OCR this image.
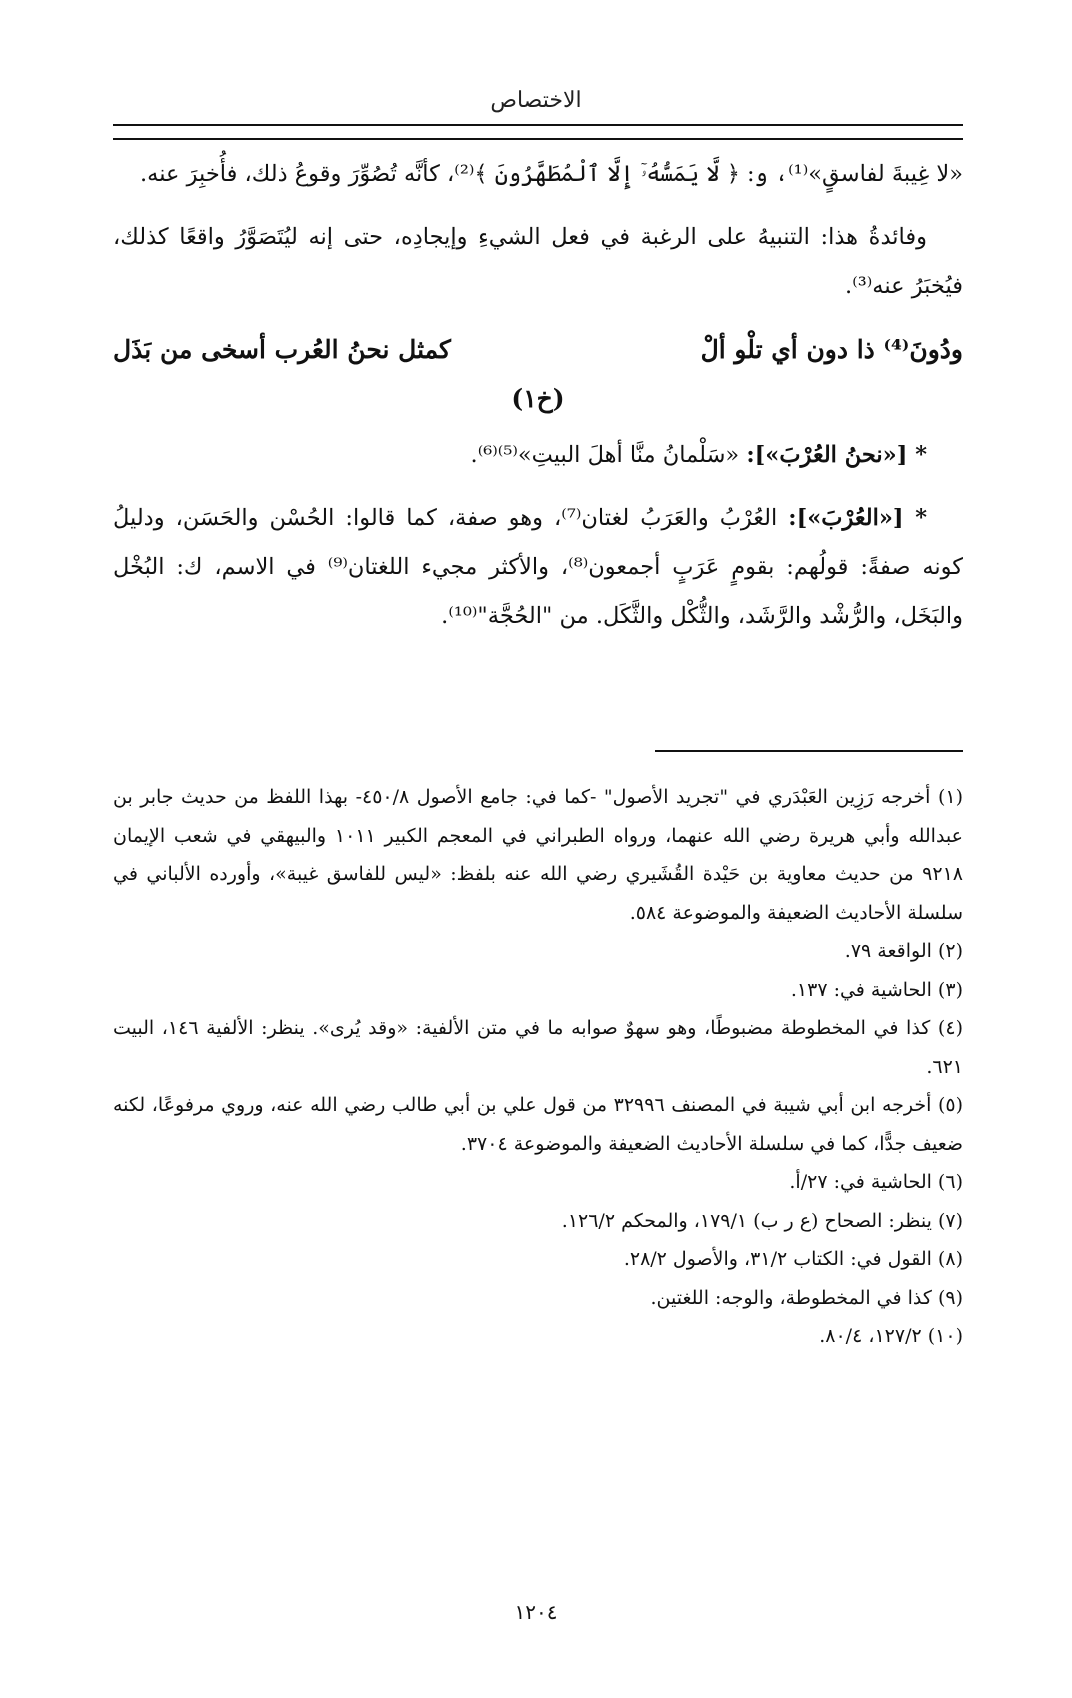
الاختصاص

«لا غِيبةَ لفاسقٍ»⁽¹⁾، و: ﴿ لَّا يَمَسُّهُۥٓ إِلَّا ٱلْمُطَهَّرُونَ ﴾⁽²⁾، كأنَّه تُصُوِّرَ وقوعُ ذلك، فأُخبِرَ عنه.

وفائدةُ هذا: التنبيهُ على الرغبة في فعل الشيءِ وإيجادِه، حتى إنه ليُتَصَوَّرُ واقعًا كذلك، فيُخبَرُ عنه⁽³⁾.

ودُونَ⁽⁴⁾ ذا دون أي تلْو ألْ
كمثل نحنُ العُرب أسخى من بَذَل

(خ١)

* [«نحنُ العُرْبَ»]: «سَلْمانُ منَّا أهلَ البيتِ»⁽⁵⁾⁽⁶⁾.

* [«العُرْبَ»]: العُرْبُ والعَرَبُ لغتان⁽⁷⁾، وهو صفة، كما قالوا: الحُسْن والحَسَن، ودليلُ كونه صفةً: قولُهم: بقومٍ عَرَبٍ أجمعون⁽⁸⁾، والأكثر مجيء اللغتان⁽⁹⁾ في الاسم، ك: البُخْل والبَخَل، والرُّشْد والرَّشَد، والثُّكْل والثَّكَل. من "الحُجَّة"⁽¹⁰⁾.

(١) أخرجه رَزِين العَبْدَري في "تجريد الأصول" -كما في: جامع الأصول ٤٥٠/٨- بهذا اللفظ من حديث جابر بن عبدالله وأبي هريرة رضي الله عنهما، ورواه الطبراني في المعجم الكبير ١٠١١ والبيهقي في شعب الإيمان ٩٢١٨ من حديث معاوية بن حَيْدة القُشَيري رضي الله عنه بلفظ: «ليس للفاسق غيبة»، وأورده الألباني في سلسلة الأحاديث الضعيفة والموضوعة ٥٨٤.

(٢) الواقعة ٧٩.

(٣) الحاشية في: ١٣٧.

(٤) كذا في المخطوطة مضبوطًا، وهو سهوٌ صوابه ما في متن الألفية: «وقد يُرى». ينظر: الألفية ١٤٦، البيت ٦٢١.

(٥) أخرجه ابن أبي شيبة في المصنف ٣٢٩٩٦ من قول علي بن أبي طالب رضي الله عنه، وروي مرفوعًا، لكنه ضعيف جدًّا، كما في سلسلة الأحاديث الضعيفة والموضوعة ٣٧٠٤.

(٦) الحاشية في: ٢٧/أ.

(٧) ينظر: الصحاح (ع ر ب) ١٧٩/١، والمحكم ١٢٦/٢.

(٨) القول في: الكتاب ٣١/٢، والأصول ٢٨/٢.

(٩) كذا في المخطوطة، والوجه: اللغتين.

(١٠) ١٢٧/٢، ٨٠/٤.

١٢٠٤
